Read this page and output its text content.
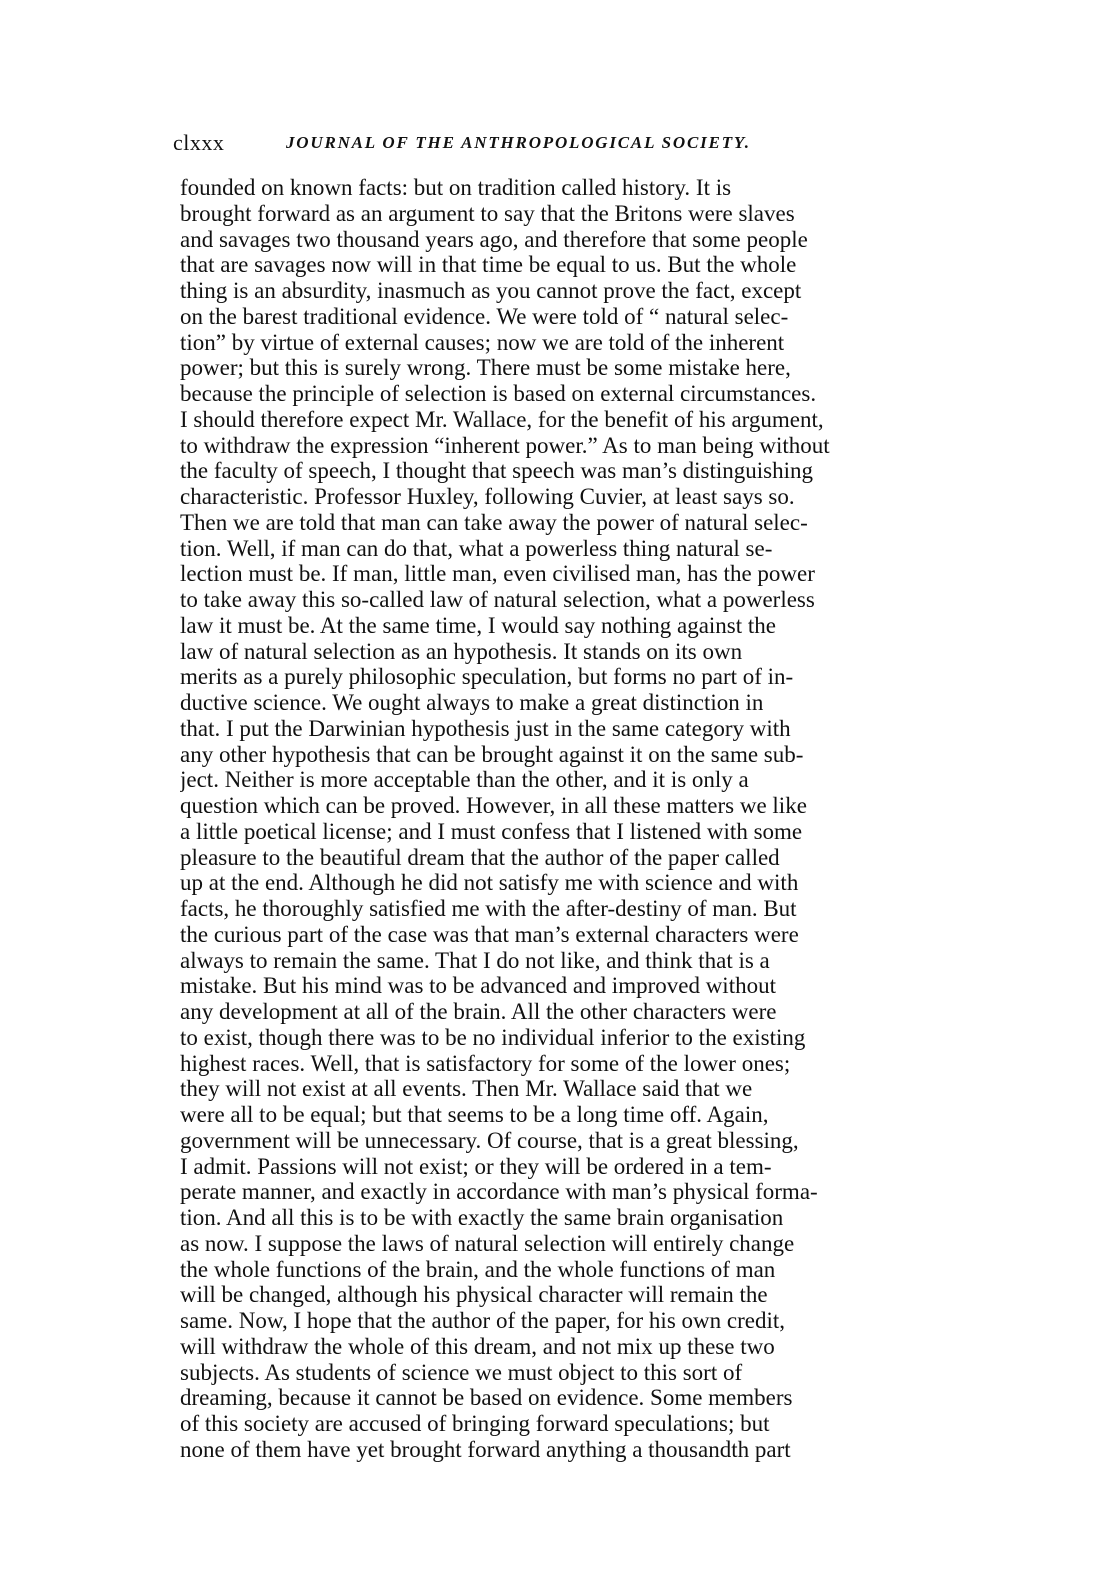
clxxx	JOURNAL OF THE ANTHROPOLOGICAL SOCIETY.
founded on known facts: but on tradition called history. It is
brought forward as an argument to say that the Britons were slaves
and savages two thousand years ago, and therefore that some people
that are savages now will in that time be equal to us. But the whole
thing is an absurdity, inasmuch as you cannot prove the fact, except
on the barest traditional evidence. We were told of “ natural selec-
tion” by virtue of external causes; now we are told of the inherent
power; but this is surely wrong. There must be some mistake here,
because the principle of selection is based on external circumstances.
I should therefore expect Mr. Wallace, for the benefit of his argument,
to withdraw the expression “inherent power.” As to man being without
the faculty of speech, I thought that speech was man’s distinguishing
characteristic. Professor Huxley, following Cuvier, at least says so.
Then we are told that man can take away the power of natural selec-
tion. Well, if man can do that, what a powerless thing natural se-
lection must be. If man, little man, even civilised man, has the power
to take away this so-called law of natural selection, what a powerless
law it must be. At the same time, I would say nothing against the
law of natural selection as an hypothesis. It stands on its own
merits as a purely philosophic speculation, but forms no part of in-
ductive science. We ought always to make a great distinction in
that. I put the Darwinian hypothesis just in the same category with
any other hypothesis that can be brought against it on the same sub-
ject. Neither is more acceptable than the other, and it is only a
question which can be proved. However, in all these matters we like
a little poetical license; and I must confess that I listened with some
pleasure to the beautiful dream that the author of the paper called
up at the end. Although he did not satisfy me with science and with
facts, he thoroughly satisfied me with the after-destiny of man. But
the curious part of the case was that man’s external characters were
always to remain the same. That I do not like, and think that is a
mistake. But his mind was to be advanced and improved without
any development at all of the brain. All the other characters were
to exist, though there was to be no individual inferior to the existing
highest races. Well, that is satisfactory for some of the lower ones;
they will not exist at all events. Then Mr. Wallace said that we
were all to be equal; but that seems to be a long time off. Again,
government will be unnecessary. Of course, that is a great blessing,
I admit. Passions will not exist; or they will be ordered in a tem-
perate manner, and exactly in accordance with man’s physical forma-
tion. And all this is to be with exactly the same brain organisation
as now. I suppose the laws of natural selection will entirely change
the whole functions of the brain, and the whole functions of man
will be changed, although his physical character will remain the
same. Now, I hope that the author of the paper, for his own credit,
will withdraw the whole of this dream, and not mix up these two
subjects. As students of science we must object to this sort of
dreaming, because it cannot be based on evidence. Some members
of this society are accused of bringing forward speculations; but
none of them have yet brought forward anything a thousandth part
